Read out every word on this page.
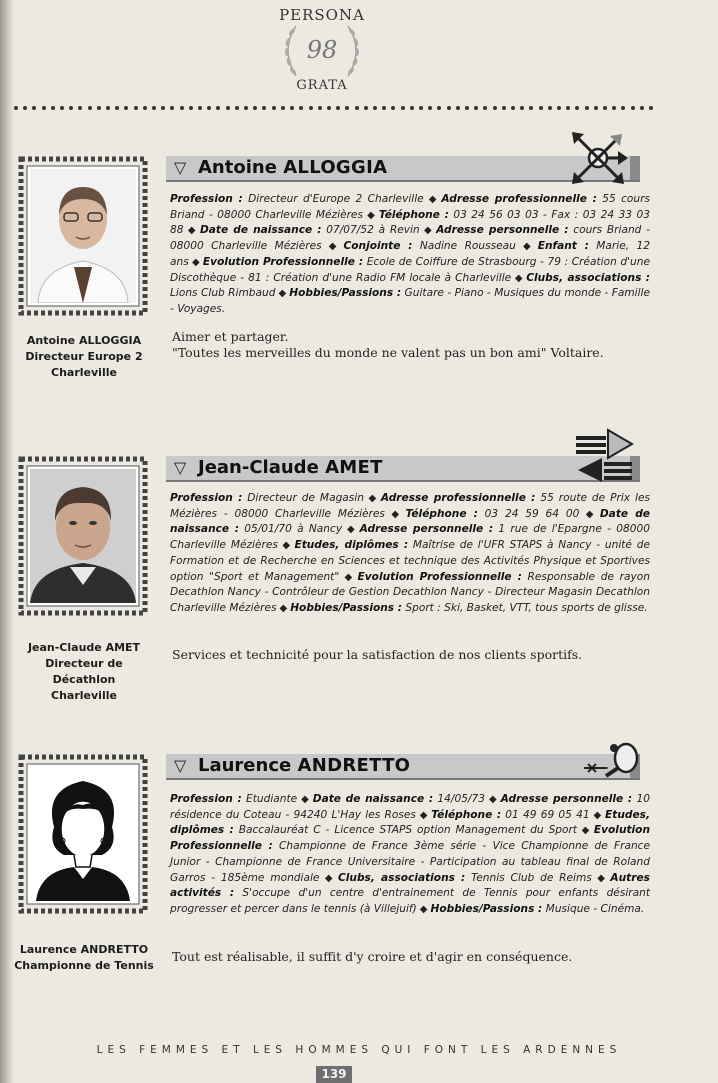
PERSONA
98
GRATA
Antoine ALLOGGIA
Directeur Europe 2
Charleville
▽ Antoine ALLOGGIA
Profession : Directeur d'Europe 2 Charleville ◆ Adresse professionnelle : 55 cours Briand - 08000 Charleville Mézières ◆ Téléphone : 03 24 56 03 03 - Fax : 03 24 33 03 88 ◆ Date de naissance : 07/07/52 à Revin ◆ Adresse personnelle : cours Briand - 08000 Charleville Mézières ◆ Conjointe : Nadine Rousseau ◆ Enfant : Marie, 12 ans ◆ Evolution Professionnelle : Ecole de Coiffure de Strasbourg - 79 : Création d'une Discothèque - 81 : Création d'une Radio FM locale à Charleville ◆ Clubs, associations : Lions Club Rimbaud ◆ Hobbies/Passions : Guitare - Piano - Musiques du monde - Famille - Voyages.
Aimer et partager.
"Toutes les merveilles du monde ne valent pas un bon ami" Voltaire.
Jean-Claude AMET
Directeur de Décathlon
Charleville
▽ Jean-Claude AMET
Profession : Directeur de Magasin ◆ Adresse professionnelle : 55 route de Prix les Mézières - 08000 Charleville Mézières ◆ Téléphone : 03 24 59 64 00 ◆ Date de naissance : 05/01/70 à Nancy ◆ Adresse personnelle : 1 rue de l'Epargne - 08000 Charleville Mézières ◆ Etudes, diplômes : Maîtrise de l'UFR STAPS à Nancy - unité de Formation et de Recherche en Sciences et technique des Activités Physique et Sportives option "Sport et Management" ◆ Evolution Professionnelle : Responsable de rayon Decathlon Nancy - Contrôleur de Gestion Decathlon Nancy - Directeur Magasin Decathlon Charleville Mézières ◆ Hobbies/Passions : Sport : Ski, Basket, VTT, tous sports de glisse.
Services et technicité pour la satisfaction de nos clients sportifs.
Laurence ANDRETTO
Championne de Tennis
▽ Laurence ANDRETTO
Profession : Etudiante ◆ Date de naissance : 14/05/73 ◆ Adresse personnelle : 10 résidence du Coteau - 94240 L'Hay les Roses ◆ Téléphone : 01 49 69 05 41 ◆ Etudes, diplômes : Baccalauréat C - Licence STAPS option Management du Sport ◆ Evolution Professionnelle : Championne de France 3ème série - Vice Championne de France Junior - Championne de France Universitaire - Participation au tableau final de Roland Garros - 185ème mondiale ◆ Clubs, associations : Tennis Club de Reims ◆ Autres activités : S'occupe d'un centre d'entrainement de Tennis pour enfants désirant progresser et percer dans le tennis (à Villejuif) ◆ Hobbies/Passions : Musique - Cinéma.
Tout est réalisable, il suffit d'y croire et d'agir en conséquence.
LES FEMMES ET LES HOMMES QUI FONT LES ARDENNES
139
